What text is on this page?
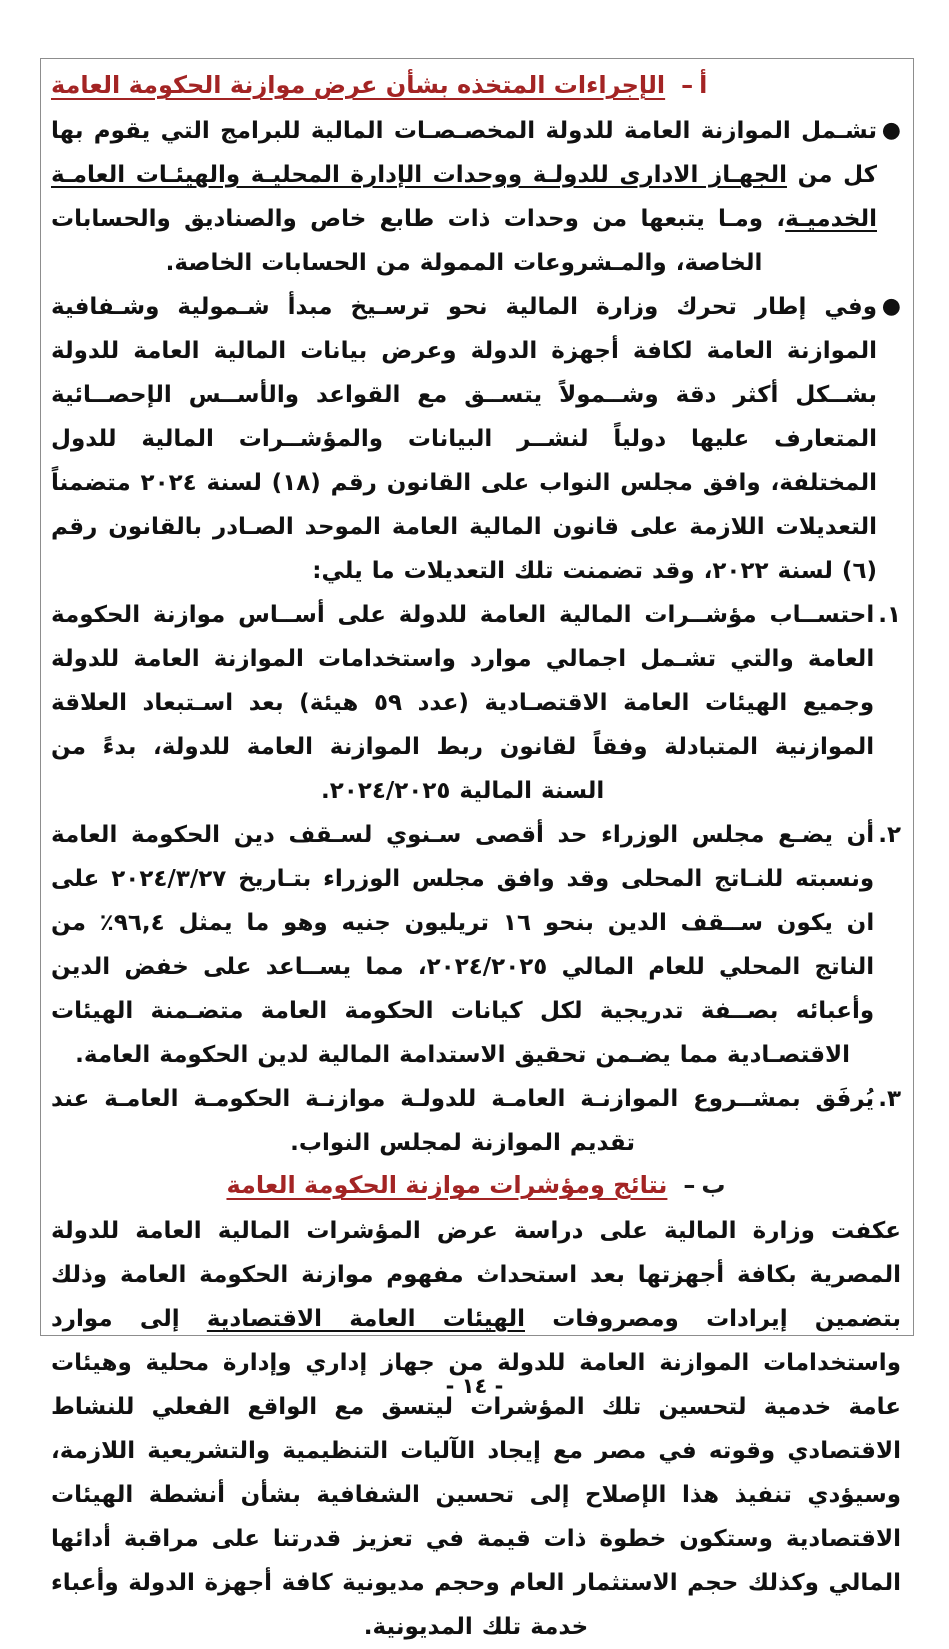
أ–
الإجراءات المتخذه بشأن عرض موازنة الحكومة العامة
●
تشـمل الموازنة العامة للدولة المخصـصـات المالية للبرامج التي يقوم بها كل من الجهـاز الادارى للدولـة ووحدات الإدارة المحليـة والهيئـات العامـة الخدميـة، ومـا يتبعها من وحدات ذات طابع خاص والصناديق والحسابات الخاصة، والمـشروعات الممولة من الحسابات الخاصة.
●
وفي إطار تحرك وزارة المالية نحو ترسـيخ مبدأ شـمولية وشـفافية الموازنة العامة لكافة أجهزة الدولة وعرض بيانات المالية العامة للدولة بشــكل أكثر دقة وشــمولاً يتســق مع القواعد والأســس الإحصــائية المتعارف عليها دولياً لنشــر البيانات والمؤشــرات المالية للدول المختلفة، وافق مجلس النواب على القانون رقم (١٨) لسنة ٢٠٢٤ متضمناً التعديلات اللازمة على قانون المالية العامة الموحد الصـادر بالقانون رقم (٦) لسنة ٢٠٢٢، وقد تضمنت تلك التعديلات ما يلي:
١.
احتســاب مؤشــرات المالية العامة للدولة على أســاس موازنة الحكومة العامة والتي تشـمل اجمالي موارد واستخدامات الموازنة العامة للدولة وجميع الهيئات العامة الاقتصـادية (عدد ٥٩ هيئة) بعد اسـتبعاد العلاقة الموازنية المتبادلة وفقاً لقانون ربط الموازنة العامة للدولة، بدءً من السنة المالية ٢٠٢٤/٢٠٢٥.
٢.
أن يضـع مجلس الوزراء حد أقصى سـنوي لسـقف دين الحكومة العامة ونسبته للنـاتج المحلى وقد وافق مجلس الوزراء بتـاريخ ٢٠٢٤/٣/٢٧ على ان يكون ســقف الدين بنحو ١٦ تريليون جنيه وهو ما يمثل ٩٦,٤٪ من الناتج المحلي للعام المالي ٢٠٢٤/٢٠٢٥، مما يســاعد على خفض الدين وأعبائه بصــفة تدريجية لكل كيانات الحكومة العامة متضـمنة الهيئات الاقتصـادية مما يضـمن تحقيق الاستدامة المالية لدين الحكومة العامة.
٣.
يُرفَق بمشــروع الموازنـة العامـة للدولـة موازنـة الحكومـة العامـة عند تقديم الموازنة لمجلس النواب.
ب–
نتائج ومؤشرات موازنة الحكومة العامة
عكفت وزارة المالية على دراسة عرض المؤشرات المالية العامة للدولة المصرية بكافة أجهزتها بعد استحداث مفهوم موازنة الحكومة العامة وذلك بتضمين إيرادات ومصروفات الهيئات العامة الاقتصادية إلى موارد واستخدامات الموازنة العامة للدولة من جهاز إداري وإدارة محلية وهيئات عامة خدمية لتحسين تلك المؤشرات ليتسق مع الواقع الفعلي للنشاط الاقتصادي وقوته في مصر مع إيجاد الآليات التنظيمية والتشريعية اللازمة، وسيؤدي تنفيذ هذا الإصلاح إلى تحسين الشفافية بشأن أنشطة الهيئات الاقتصادية وستكون خطوة ذات قيمة في تعزيز قدرتنا على مراقبة أدائها المالي وكذلك حجم الاستثمار العام وحجم مديونية كافة أجهزة الدولة وأعباء خدمة تلك المديونية.
- ١٤ -
